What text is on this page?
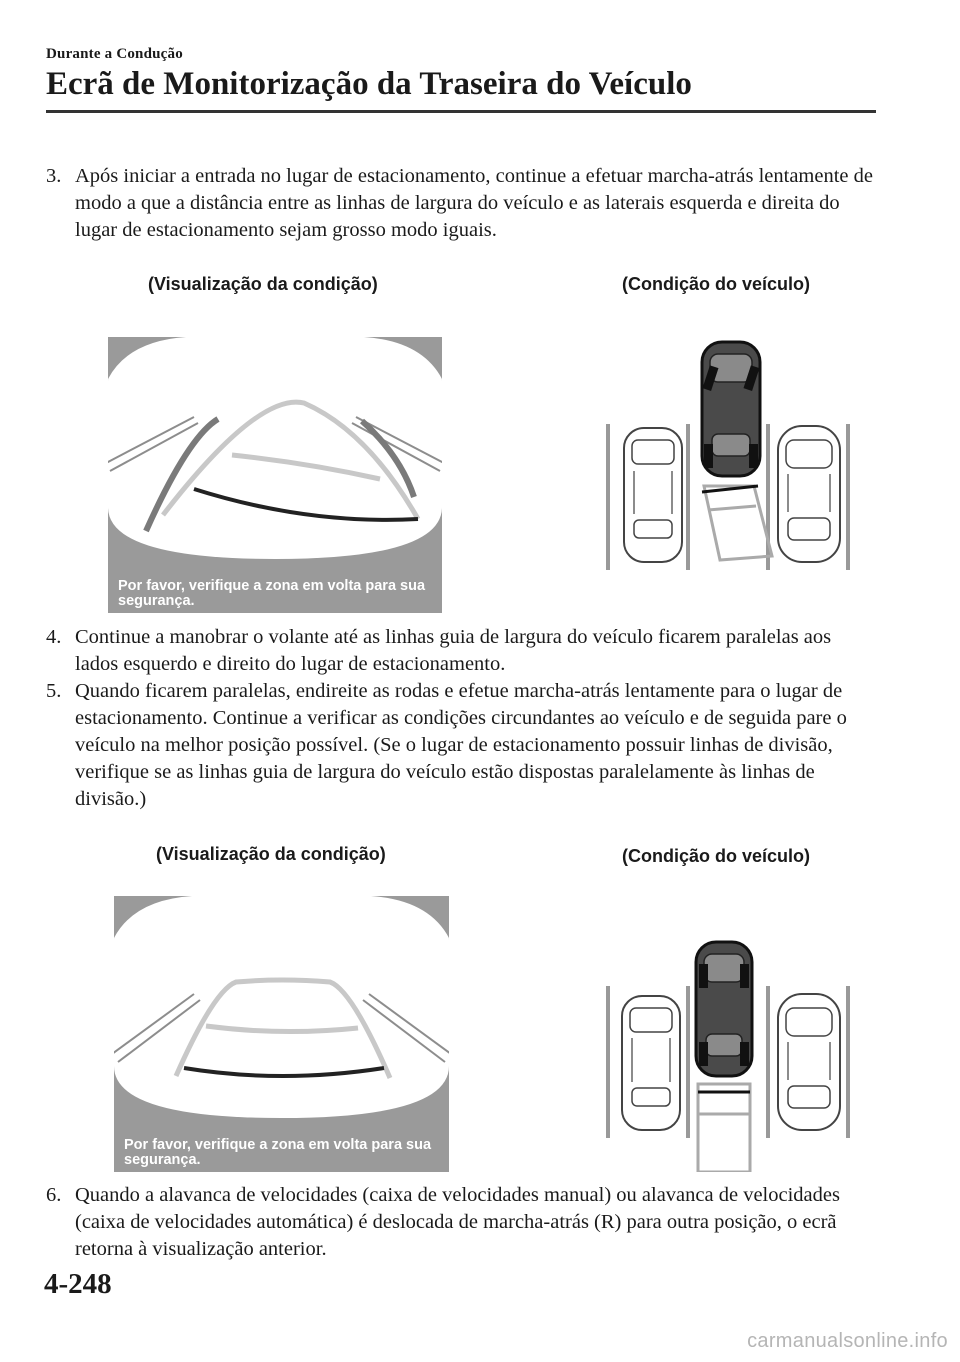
Durante a Condução
Ecrã de Monitorização da Traseira do Veículo
3. Após iniciar a entrada no lugar de estacionamento, continue a efetuar marcha-atrás lentamente de modo a que a distância entre as linhas de largura do veículo e as laterais esquerda e direita do lugar de estacionamento sejam grosso modo iguais.
(Visualização da condição)	(Condição do veículo)
Por favor, verifique a zona em volta para sua segurança.
4. Continue a manobrar o volante até as linhas guia de largura do veículo ficarem paralelas aos lados esquerdo e direito do lugar de estacionamento.
5. Quando ficarem paralelas, endireite as rodas e efetue marcha-atrás lentamente para o lugar de estacionamento. Continue a verificar as condições circundantes ao veículo e de seguida pare o veículo na melhor posição possível. (Se o lugar de estacionamento possuir linhas de divisão, verifique se as linhas guia de largura do veículo estão dispostas paralelamente às linhas de divisão.)
(Visualização da condição)	(Condição do veículo)
Por favor, verifique a zona em volta para sua segurança.
6. Quando a alavanca de velocidades (caixa de velocidades manual) ou alavanca de velocidades (caixa de velocidades automática) é deslocada de marcha-atrás (R) para outra posição, o ecrã retorna à visualização anterior.
4-248
carmanualsonline.info
